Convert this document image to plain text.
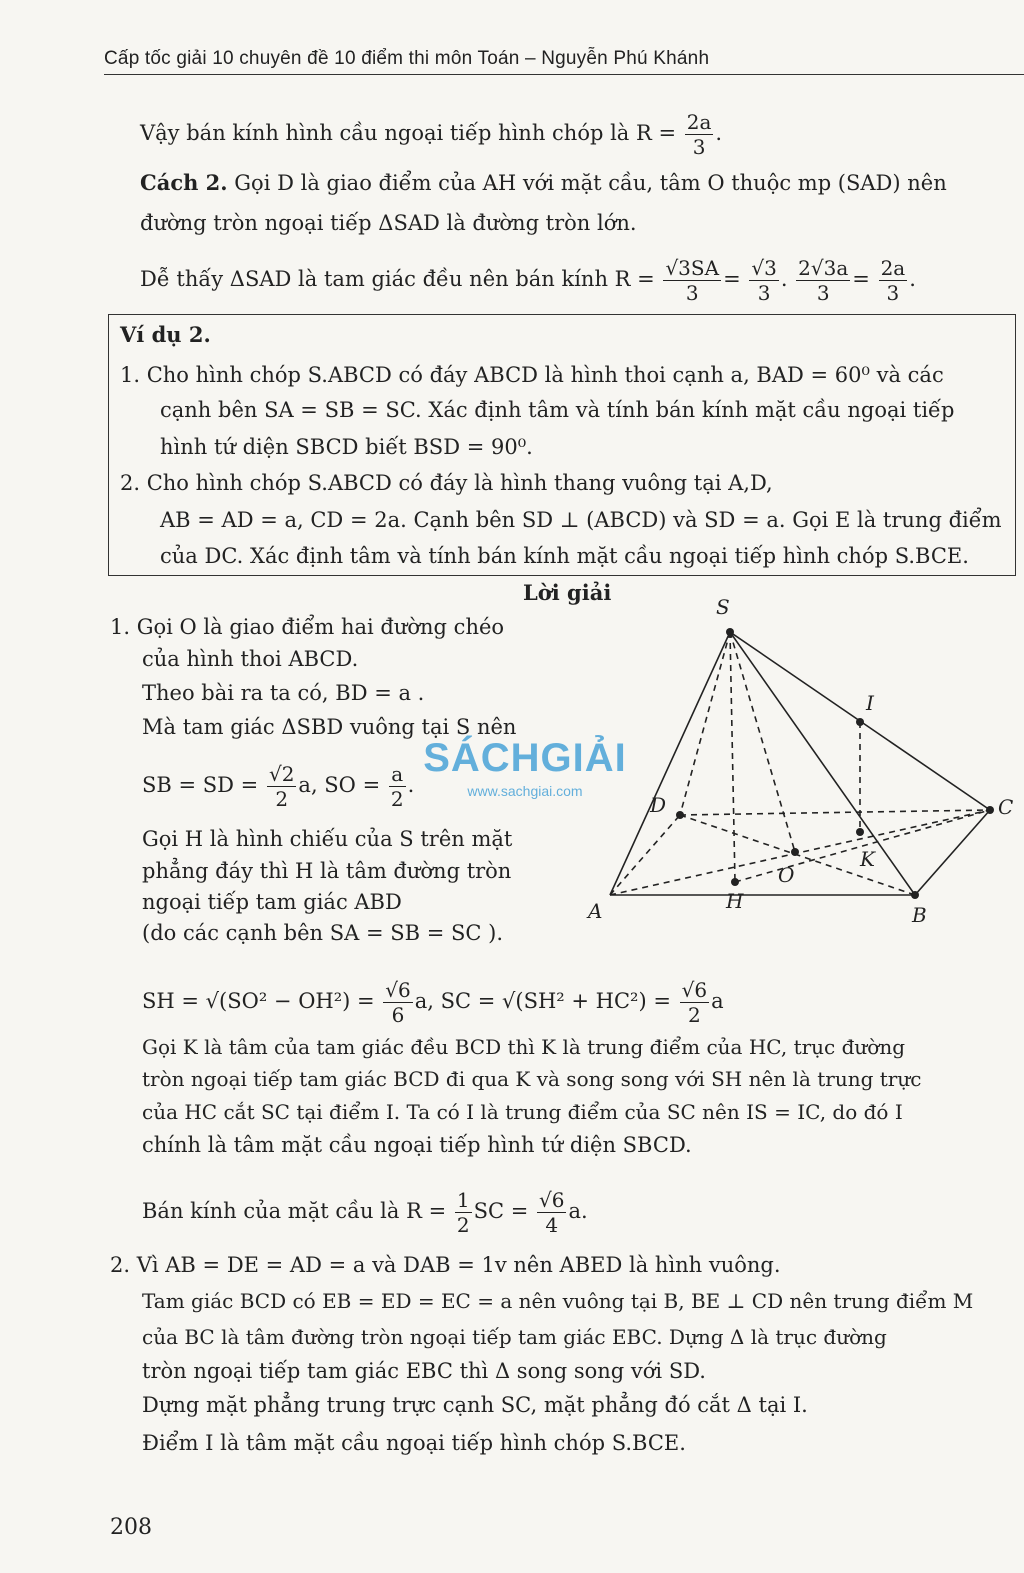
Cấp tốc giải 10 chuyên đề 10 điểm thi môn Toán – Nguyễn Phú Khánh
Vậy bán kính hình cầu ngoại tiếp hình chóp là $R = \frac{2a}{3}$ .
Cách 2. Gọi D là giao điểm của AH với mặt cầu, tâm O thuộc mp (SAD) nên
đường tròn ngoại tiếp ΔSAD là đường tròn lớn.
Dễ thấy ΔSAD là tam giác đều nên bán kính $R = \frac{√3SA}{3} = \frac{√3}{3}$ . $\frac{2√3a}{3} = \frac{2a}{3}$ .
Ví dụ 2.
1. Cho hình chóp S.ABCD có đáy ABCD là hình thoi cạnh a, BAD = 60⁰ và các
cạnh bên SA = SB = SC. Xác định tâm và tính bán kính mặt cầu ngoại tiếp
hình tứ diện SBCD biết BSD = 90⁰.
2. Cho hình chóp S.ABCD có đáy là hình thang vuông tại A,D,
AB = AD = a, CD = 2a. Cạnh bên SD ⊥ (ABCD) và SD = a. Gọi E là trung điểm
của DC. Xác định tâm và tính bán kính mặt cầu ngoại tiếp hình chóp S.BCE.
Lời giải
1. Gọi O là giao điểm hai đường chéo
của hình thoi ABCD.
Theo bài ra ta có, BD = a .
Mà tam giác ΔSBD vuông tại S nên
SB = SD = $\frac{√2}{2} a$, SO = $\frac{a}{2}$ .
Gọi H là hình chiếu của S trên mặt
phẳng đáy thì H là tâm đường tròn
ngoại tiếp tam giác ABD
(do các cạnh bên SA = SB = SC ).
SH = $√(SO^2 - OH^2) = \frac{√6}{6} a$, SC = $√(SH^2 + HC^2) = \frac{√6}{2}$ a
Gọi K là tâm của tam giác đều BCD thì K là trung điểm của HC, trục đường
tròn ngoại tiếp tam giác BCD đi qua K và song song với SH nên là trung trực
của HC cắt SC tại điểm I. Ta có I là trung điểm của SC nên IS = IC, do đó I
chính là tâm mặt cầu ngoại tiếp hình tứ diện SBCD.
Bán kính của mặt cầu là $R = \frac{1}{2}$ SC = $\frac{√6}{4} a$.
2. Vì AB = DE = AD = a và DAB = 1v nên ABED là hình vuông.
Tam giác BCD có EB = ED = EC = a nên vuông tại B, BE ⊥ CD nên trung điểm M
của BC là tâm đường tròn ngoại tiếp tam giác EBC. Dựng Δ là trục đường
tròn ngoại tiếp tam giác EBC thì Δ song song với SD.
Dựng mặt phẳng trung trực cạnh SC, mặt phẳng đó cắt Δ tại I.
Điểm I là tâm mặt cầu ngoại tiếp hình chóp S.BCE.
S
I
D	C
O
K
A	H
B
SÁCHGIẢI
www.sachgiai.com
208
